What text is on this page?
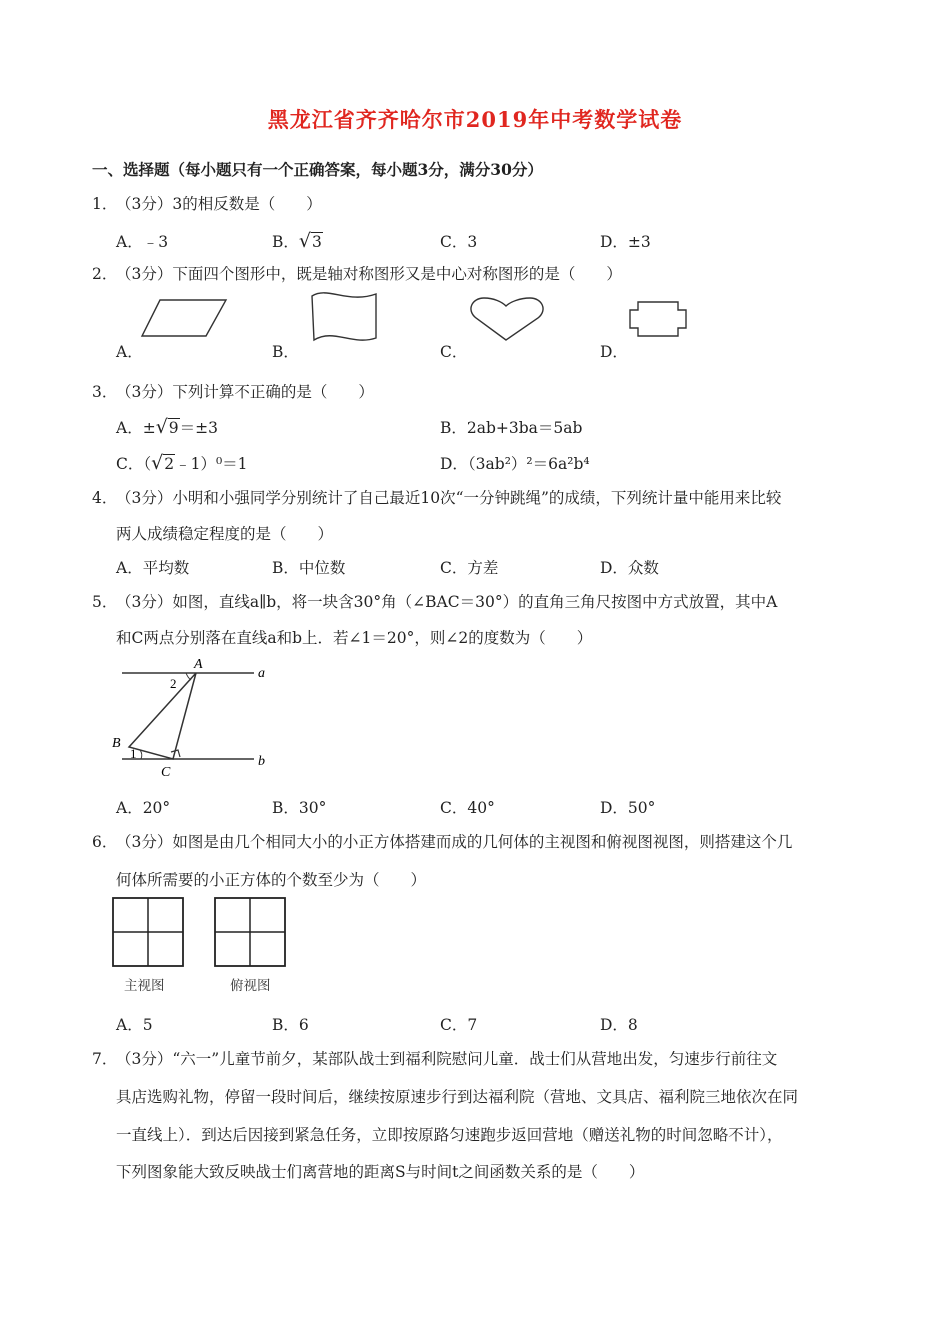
黑龙江省齐齐哈尔市2019年中考数学试卷
一、选择题（每小题只有一个正确答案，每小题3分，满分30分）
1．
（3分）3的相反数是（　　）
A．﹣3	B．√3	C．3	D．±3
2．
（3分）下面四个图形中，既是轴对称图形又是中心对称图形的是（　　）
A．	B．	C．	D．
3．
（3分）下列计算不正确的是（　　）
A．±√9＝±3	B．2ab+3ba＝5ab
C．（√2﹣1）⁰＝1	D．（3ab²）²＝6a²b⁴
4．
（3分）小明和小强同学分别统计了自己最近10次“一分钟跳绳”的成绩，下列统计量中能用来比较
两人成绩稳定程度的是（　　）
A．平均数	B．中位数	C．方差	D．众数
5．
（3分）如图，直线a∥b，将一块含30°角（∠BAC＝30°）的直角三角尺按图中方式放置，其中A
和C两点分别落在直线a和b上．若∠1＝20°，则∠2的度数为（　　）
A
2
a
B
1
C
b
A．20°	B．30°	C．40°	D．50°
6．
（3分）如图是由几个相同大小的小正方体搭建而成的几何体的主视图和俯视图视图，则搭建这个几
何体所需要的小正方体的个数至少为（　　）
主视图	俯视图
A．5	B．6	C．7	D．8
7．
（3分）“六一”儿童节前夕，某部队战士到福利院慰问儿童．战士们从营地出发，匀速步行前往文
具店选购礼物，停留一段时间后，继续按原速步行到达福利院（营地、文具店、福利院三地依次在同
一直线上）．到达后因接到紧急任务，立即按原路匀速跑步返回营地（赠送礼物的时间忽略不计），
下列图象能大致反映战士们离营地的距离S与时间t之间函数关系的是（　　）
